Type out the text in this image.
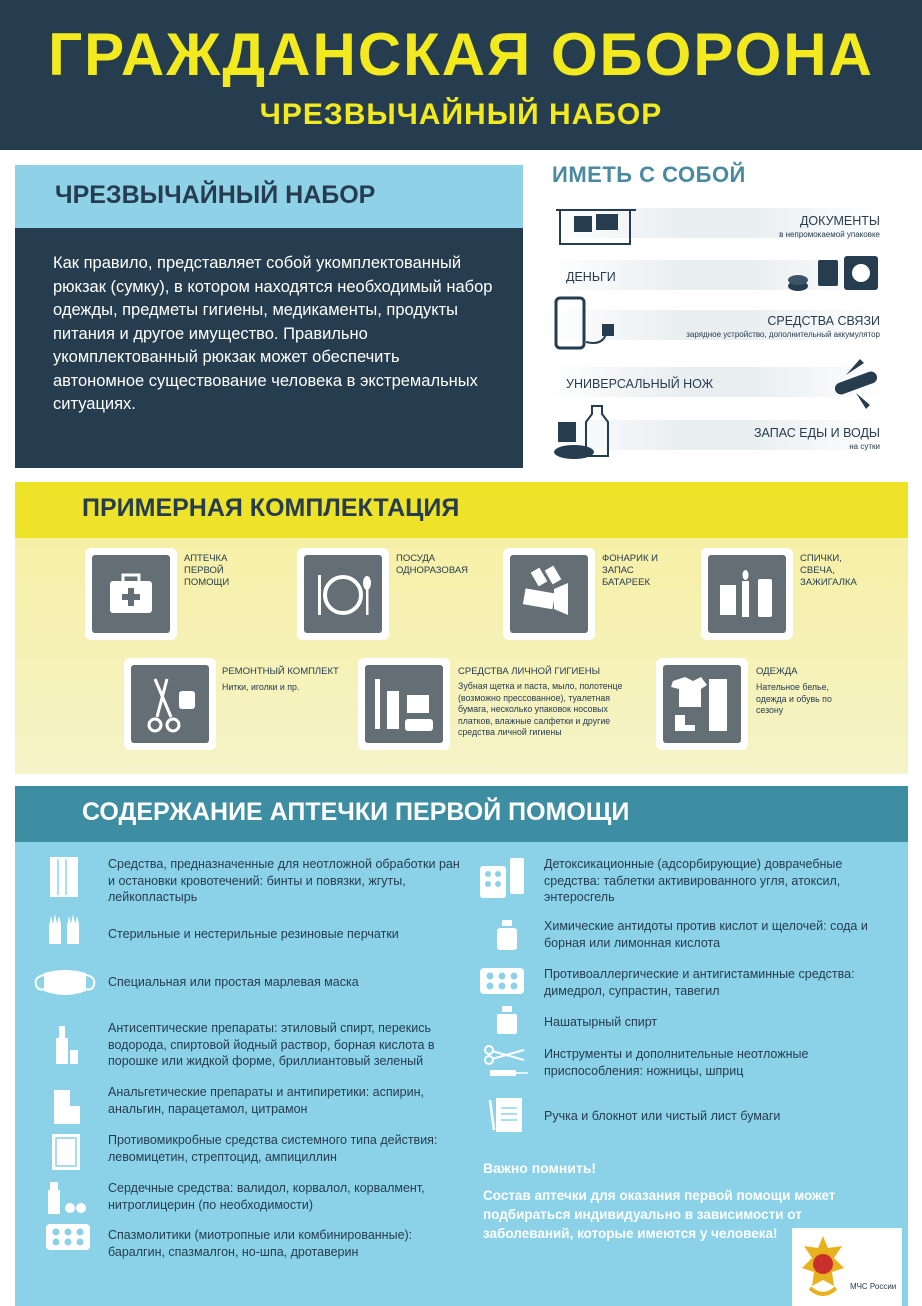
ГРАЖДАНСКАЯ ОБОРОНА
ЧРЕЗВЫЧАЙНЫЙ НАБОР
ЧРЕЗВЫЧАЙНЫЙ НАБОР

Как правило, представляет собой укомплектованный рюкзак (сумку), в котором находятся необходимый набор одежды, предметы гигиены, медикаменты, продукты питания и другое имущество. Правильно укомплектованный рюкзак может обеспечить автономное существование человека в экстремальных ситуациях.

ИМЕТЬ С СОБОЙ
ДОКУМЕНТЫ
в непромокаемой упаковке
ДЕНЬГИ
СРЕДСТВА СВЯЗИ
зарядное устройство, дополнительный аккумулятор
УНИВЕРСАЛЬНЫЙ НОЖ
ЗАПАС ЕДЫ И ВОДЫ
на сутки
ПРИМЕРНАЯ КОМПЛЕКТАЦИЯ
АПТЕЧКА ПЕРВОЙ ПОМОЩИ
ПОСУДА ОДНОРАЗОВАЯ
ФОНАРИК И ЗАПАС БАТАРЕЕК
СПИЧКИ, СВЕЧА, ЗАЖИГАЛКА
РЕМОНТНЫЙ КОМПЛЕКТ
Нитки, иголки и пр.
СРЕДСТВА ЛИЧНОЙ ГИГИЕНЫ
Зубная щетка и паста, мыло, полотенце (возможно прессованное), туалетная бумага, несколько упаковок носовых платков, влажные салфетки и другие средства личной гигиены
ОДЕЖДА
Нательное белье, одежда и обувь по сезону
СОДЕРЖАНИЕ АПТЕЧКИ ПЕРВОЙ ПОМОЩИ
Средства, предназначенные для неотложной обработки ран и остановки кровотечений: бинты и повязки, жгуты, лейкопластырь
Стерильные и нестерильные резиновые перчатки
Специальная или простая марлевая маска
Антисептические препараты: этиловый спирт, перекись водорода, спиртовой йодный раствор, борная кислота в порошке или жидкой форме, бриллиантовый зеленый
Анальгетические препараты и антипиретики: аспирин, анальгин, парацетамол, цитрамон
Противомикробные средства системного типа действия: левомицетин, стрептоцид, ампициллин
Сердечные средства: валидол, корвалол, корвалмент, нитроглицерин (по необходимости)
Спазмолитики (миотропные или комбинированные): баралгин, спазмалгон, но-шпа, дротаверин
Детоксикационные (адсорбирующие) доврачебные средства: таблетки активированного угля, атоксил, энтеросгель
Химические антидоты против кислот и щелочей: сода и борная или лимонная кислота
Противоаллергические и антигистаминные средства: димедрол, супрастин, тавегил
Нашатырный спирт
Инструменты и дополнительные неотложные приспособления: ножницы, шприц
Ручка и блокнот или чистый лист бумаги
Важно помнить!
Состав аптечки для оказания первой помощи может подбираться индивидуально в зависимости от заболеваний, которые имеются у человека!
МЧС России
